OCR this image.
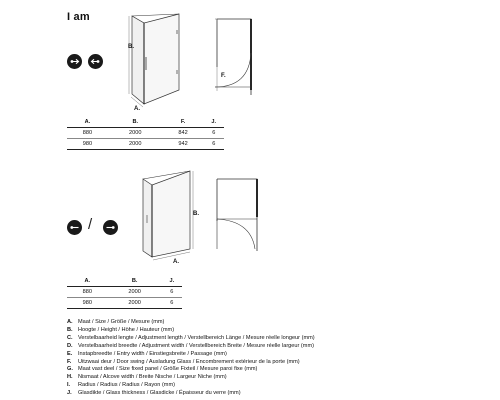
I am
B.
A.
F.
A.	B.	F.	J.
880	2000	842	6
980	2000	942	6
/
B.
A.
A.	B.	J.
880	2000	6
980	2000	6
A. Maat / Size / Größe / Mesure (mm)
B. Hoogte / Height / Höhe / Hauteur (mm)
C. Verstelbaarheid lengte / Adjustment length / Verstellbereich Länge / Mesure réelle longeur (mm)
D. Verstelbaarheid breedte / Adjustment width / Verstellbereich Breite / Mesure réelle largeur (mm)
E.	Instapbreedte / Entry width / Einstiegsbreite / Passage (mm)
F.	Uitzwaai deur / Door swing / Ausladung Glass / Encombrement extérieur de la porte (mm)
G. Maat vast deel / Size fixed panel / Größe Fixteil / Mesure paroi fixe (mm)
H. Nismaat / Alcove width / Breite Nische / Largeur Niche (mm)
I.	Radius / Radius / Radius / Rayon (mm)
J.	Glasdikte / Glass thickness / Glasdicke / Épaisseur du verre (mm)
